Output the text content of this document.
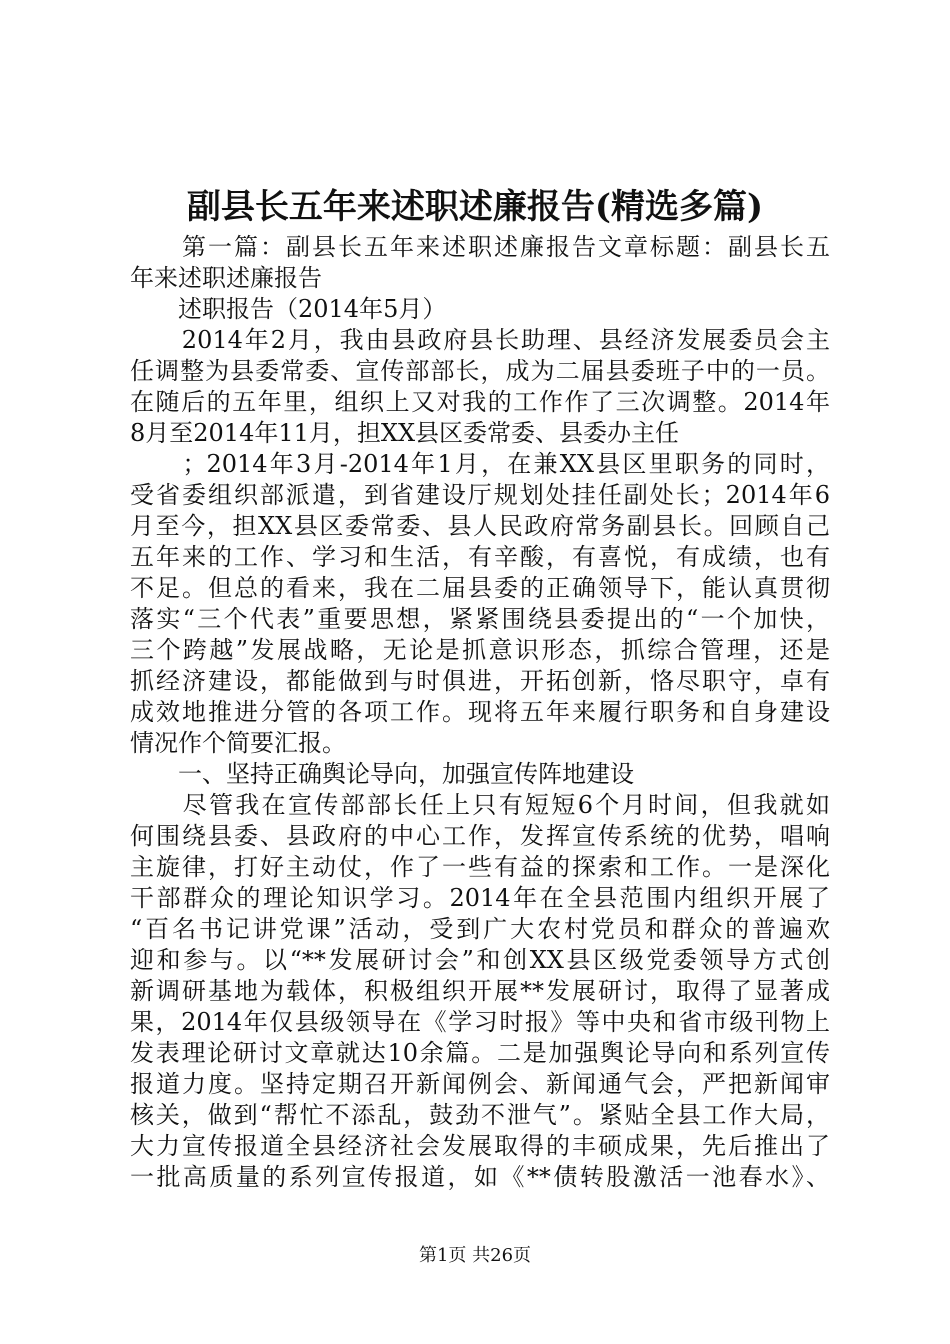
副县长五年来述职述廉报告(精选多篇)
　　第一篇：副县长五年来述职述廉报告文章标题：副县长五
年来述职述廉报告
　　述职报告（2014年5月）
　　2014年2月，我由县政府县长助理、县经济发展委员会主
任调整为县委常委、宣传部部长，成为二届县委班子中的一员。
在随后的五年里，组织上又对我的工作作了三次调整。2014年
8月至2014年11月，担XX县区委常委、县委办主任
　　；2014年3月-2014年1月，在兼XX县区里职务的同时，
受省委组织部派遣，到省建设厅规划处挂任副处长；2014年6
月至今，担XX县区委常委、县人民政府常务副县长。回顾自己
五年来的工作、学习和生活，有辛酸，有喜悦，有成绩，也有
不足。但总的看来，我在二届县委的正确领导下，能认真贯彻
落实“三个代表”重要思想，紧紧围绕县委提出的“一个加快，
三个跨越”发展战略，无论是抓意识形态，抓综合管理，还是
抓经济建设，都能做到与时俱进，开拓创新，恪尽职守，卓有
成效地推进分管的各项工作。现将五年来履行职务和自身建设
情况作个简要汇报。
　　一、坚持正确舆论导向，加强宣传阵地建设
　　尽管我在宣传部部长任上只有短短6个月时间，但我就如
何围绕县委、县政府的中心工作，发挥宣传系统的优势，唱响
主旋律，打好主动仗，作了一些有益的探索和工作。一是深化
干部群众的理论知识学习。2014年在全县范围内组织开展了
“百名书记讲党课”活动，受到广大农村党员和群众的普遍欢
迎和参与。以“**发展研讨会”和创XX县区级党委领导方式创
新调研基地为载体，积极组织开展**发展研讨，取得了显著成
果，2014年仅县级领导在《学习时报》等中央和省市级刊物上
发表理论研讨文章就达10余篇。二是加强舆论导向和系列宣传
报道力度。坚持定期召开新闻例会、新闻通气会，严把新闻审
核关，做到“帮忙不添乱，鼓劲不泄气”。紧贴全县工作大局，
大力宣传报道全县经济社会发展取得的丰硕成果，先后推出了
一批高质量的系列宣传报道，如《**债转股激活一池春水》、
第1页 共26页
